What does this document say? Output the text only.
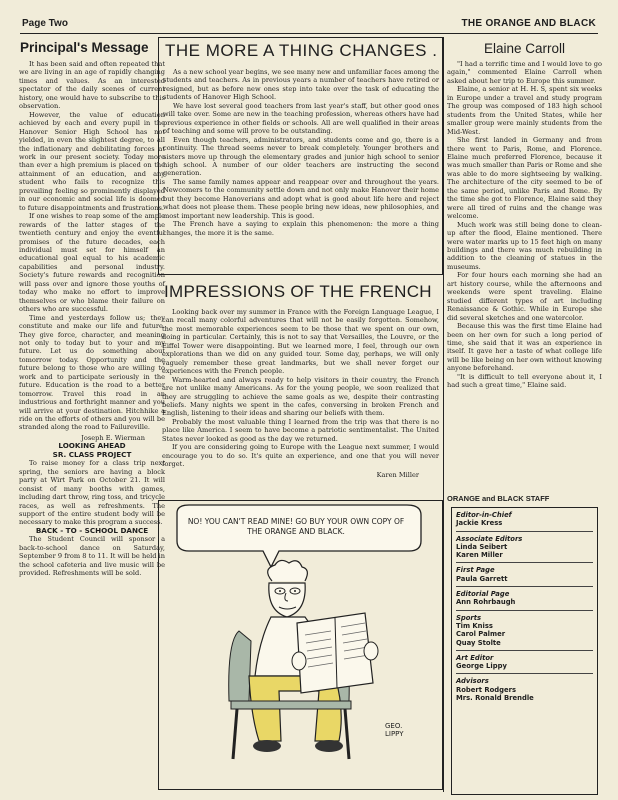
Page Two	THE ORANGE AND BLACK
Principal's Message

It has been said and often repeated that we are living in an age of rapidly changing times and values. As an interested spectator of the daily scenes of current history, one would have to subscribe to this observation.

However, the value of education achieved by each and every pupil in the Hanover Senior High School has not yielded, in even the slightest degree, to all the inflationary and debilitating forces at work in our present society. Today more than ever a high premium is placed on the attainment of an education, and any student who fails to recognize this prevailing feeling so prominently displayed in our economic and social life is doomed to future disappointments and frustrations.

If one wishes to reap some of the ample rewards of the latter stages of the twentieth century and enjoy the eventful promises of the future decades, each individual must set for himself an educational goal equal to his academic capabilities and personal industry. Society's future rewards and recognition will pass over and ignore those youths of today who make no effort to improve themselves or who blame their failure on others who are successful.

Time and yesterdays follow us; they constitute and make our life and future. They give force, character, and meaning not only to today but to your and my future. Let us do something about tomorrow today. Opportunity and the future belong to those who are willing to work and to participate seriously in the future. Education is the road to a better tomorrow. Travel this road in an industrious and forthright manner and you will arrive at your destination. Hitchhike a ride on the efforts of others and you will be stranded along the road to Failureville.

Joseph E. Wierman
LOOKING AHEAD
SR. CLASS PROJECT

To raise money for a class trip next spring, the seniors are having a block party at Wirt Park on October 21. It will consist of many booths with games, including dart throw, ring toss, and tricycle races, as well as refreshments. The support of the entire student body will be necessary to make this program a success.

BACK - TO - SCHOOL DANCE

The Student Council will sponsor a back-to-school dance on Saturday, September 9 from 8 to 11. It will be held in the school cafeteria and live music will be provided. Refreshments will be sold.

THE MORE A THING CHANGES .

As a new school year begins, we see many new and unfamiliar faces among the students and teachers. As in previous years a number of teachers have retired or resigned, but as before new ones step into take over the task of educating the students of Hanover High School.

We have lost several good teachers from last year's staff, but other good ones will take over. Some are new in the teaching profession, whereas others have had previous experience in other fields or schools. All are well qualified in their areas of teaching and some will prove to be outstanding.

Even though teachers, administrators, and students come and go, there is a continuity. The thread seems never to break completely. Younger brothers and sisters move up through the elementary grades and junior high school to senior high school. A number of our older teachers are instructing the second generation.

The same family names appear and reappear over and throughout the years. Newcomers to the community settle down and not only make Hanover their home but they become Hanoverians and adopt what is good about life here and reject what does not please them. These people bring new ideas, new philosophies, and most important new leadership. This is good.

The French have a saying to explain this phenomenon: the more a thing changes, the more it is the same.

IMPRESSIONS OF THE FRENCH

Looking back over my summer in France with the Foreign Language League, I can recall many colorful adventures that will not be easily forgotten. Somehow, the most memorable experiences seem to be those that we spent on our own, doing in particular. Certainly, this is not to say that Versailles, the Louvre, or the Eiffel Tower were disappointing. But we learned more, I feel, through our own explorations than we did on any guided tour. Some day, perhaps, we will only vaguely remember these great landmarks, but we shall never forget our experiences with the French people.

Warm-hearted and always ready to help visitors in their country, the French are not unlike many Americans. As for the young people, we soon realized that they are struggling to achieve the same goals as we, despite their contrasting beliefs. Many nights we spent in the cafes, conversing in broken French and English, listening to their ideas and sharing our beliefs with them.

Probably the most valuable thing I learned from the trip was that there is no place like America. I seem to have become a patriotic sentimentalist. The United States never looked as good as the day we returned.

If you are considering going to Europe with the League next summer, I would encourage you to do so. It's quite an experience, and one that you will never forget.

Karen Miller
NO! YOU CAN'T READ MINE! GO BUY YOUR OWN COPY OF THE ORANGE AND BLACK.
GEO.
LIPPY
Elaine Carroll

"I had a terrific time and I would love to go again," commented Elaine Carroll when asked about her trip to Europe this summer.

Elaine, a senior at H. H. S, spent six weeks in Europe under a travel and study program The group was composed of 183 high school students from the United States, while her smaller group were mainly students from the Mid-West.

She first landed in Germany and from there went to Paris, Rome, and Florence. Elaine much preferred Florence, because it was much smaller than Paris or Rome and she was able to do more sightseeing by walking. The architecture of the city seemed to be of the same period, unlike Paris and Rome. By the time she got to Florence, Elaine said they were all tired of ruins and the change was welcome.

Much work was still being done to clean-up after the flood, Elaine mentioned. There were water marks up to 15 feet high on many buildings and there was much rebuilding in addition to the cleaning of statues in the museums.

For four hours each morning she had an art history course, while the afternoons and weekends were spent traveling. Elaine studied different types of art including Renaissance & Gothic. While in Europe she did several sketches and one watercolor.

Because this was the first time Elaine had been on her own for such a long period of time, she said that it was an experience in itself. It gave her a taste of what college life will be like being on her own without knowing anyone beforehand.

"It is difficult to tell everyone about it, I had such a great time," Elaine said.

ORANGE and BLACK STAFF
Editor-in-Chief
Jackie Kress
Associate Editors
Linda Seibert
Karen Miller
First Page
Paula Garrett
Editorial Page
Ann Rohrbaugh
Sports
Tim Kniss
Carol Palmer
Quay Stolte
Art Editor
George Lippy
Advisors
Robert Rodgers
Mrs. Ronald Brendle
